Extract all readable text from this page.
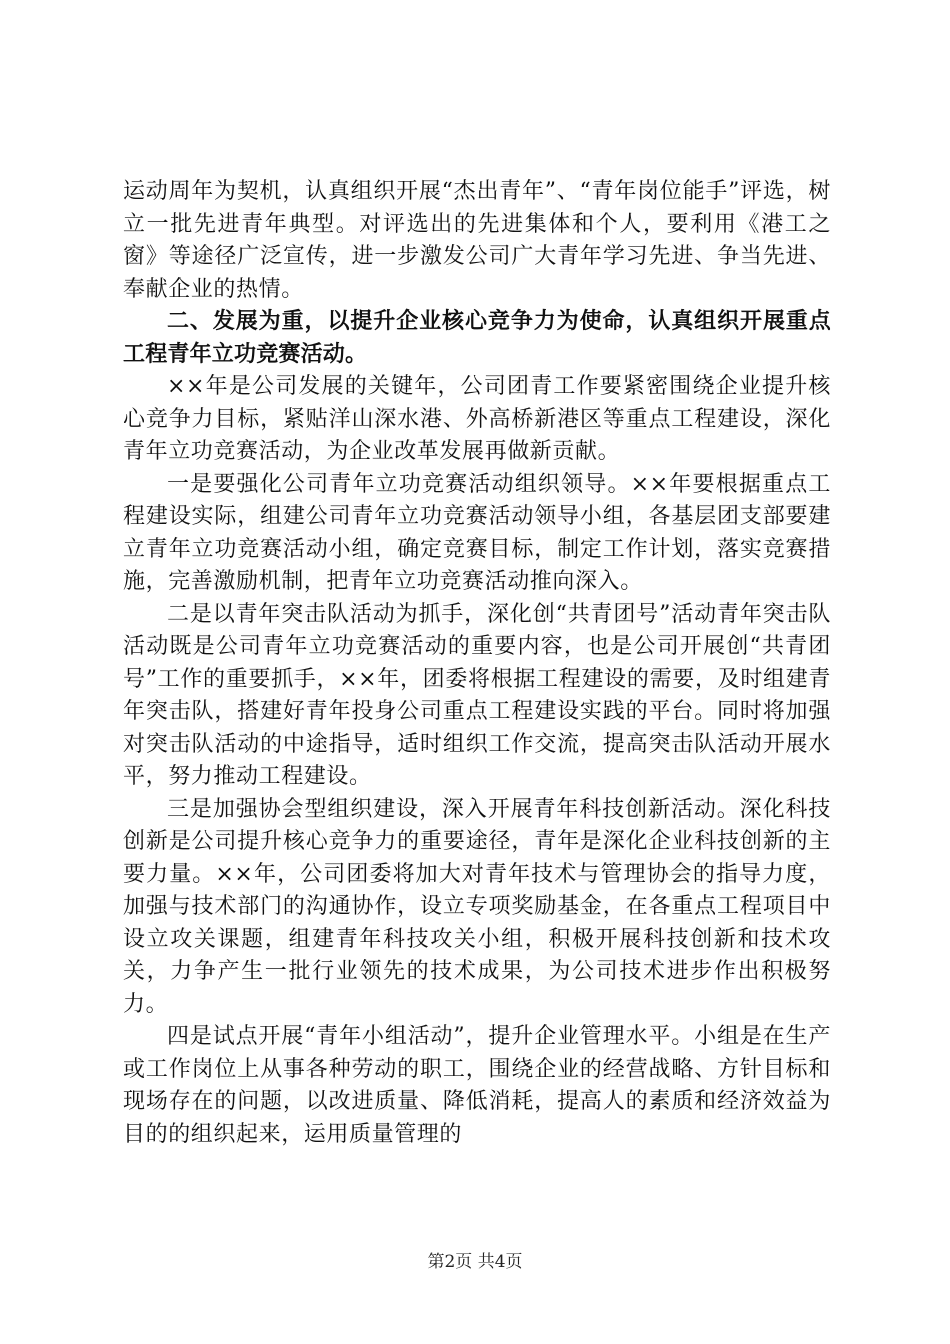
运动周年为契机，认真组织开展“杰出青年”、“青年岗位能手”评选，树立一批先进青年典型。对评选出的先进集体和个人，要利用《港工之窗》等途径广泛宣传，进一步激发公司广大青年学习先进、争当先进、奉献企业的热情。

二、发展为重，以提升企业核心竞争力为使命，认真组织开展重点工程青年立功竞赛活动。

××年是公司发展的关键年，公司团青工作要紧密围绕企业提升核心竞争力目标，紧贴洋山深水港、外高桥新港区等重点工程建设，深化青年立功竞赛活动，为企业改革发展再做新贡献。

一是要强化公司青年立功竞赛活动组织领导。××年要根据重点工程建设实际，组建公司青年立功竞赛活动领导小组，各基层团支部要建立青年立功竞赛活动小组，确定竞赛目标，制定工作计划，落实竞赛措施，完善激励机制，把青年立功竞赛活动推向深入。

二是以青年突击队活动为抓手，深化创“共青团号”活动青年突击队活动既是公司青年立功竞赛活动的重要内容，也是公司开展创“共青团号”工作的重要抓手，××年，团委将根据工程建设的需要，及时组建青年突击队，搭建好青年投身公司重点工程建设实践的平台。同时将加强对突击队活动的中途指导，适时组织工作交流，提高突击队活动开展水平，努力推动工程建设。

三是加强协会型组织建设，深入开展青年科技创新活动。深化科技创新是公司提升核心竞争力的重要途径，青年是深化企业科技创新的主要力量。××年，公司团委将加大对青年技术与管理协会的指导力度，加强与技术部门的沟通协作，设立专项奖励基金，在各重点工程项目中设立攻关课题，组建青年科技攻关小组，积极开展科技创新和技术攻关，力争产生一批行业领先的技术成果，为公司技术进步作出积极努力。

四是试点开展“青年小组活动”，提升企业管理水平。小组是在生产或工作岗位上从事各种劳动的职工，围绕企业的经营战略、方针目标和现场存在的问题，以改进质量、降低消耗，提高人的素质和经济效益为目的的组织起来，运用质量管理的

第2页 共4页
